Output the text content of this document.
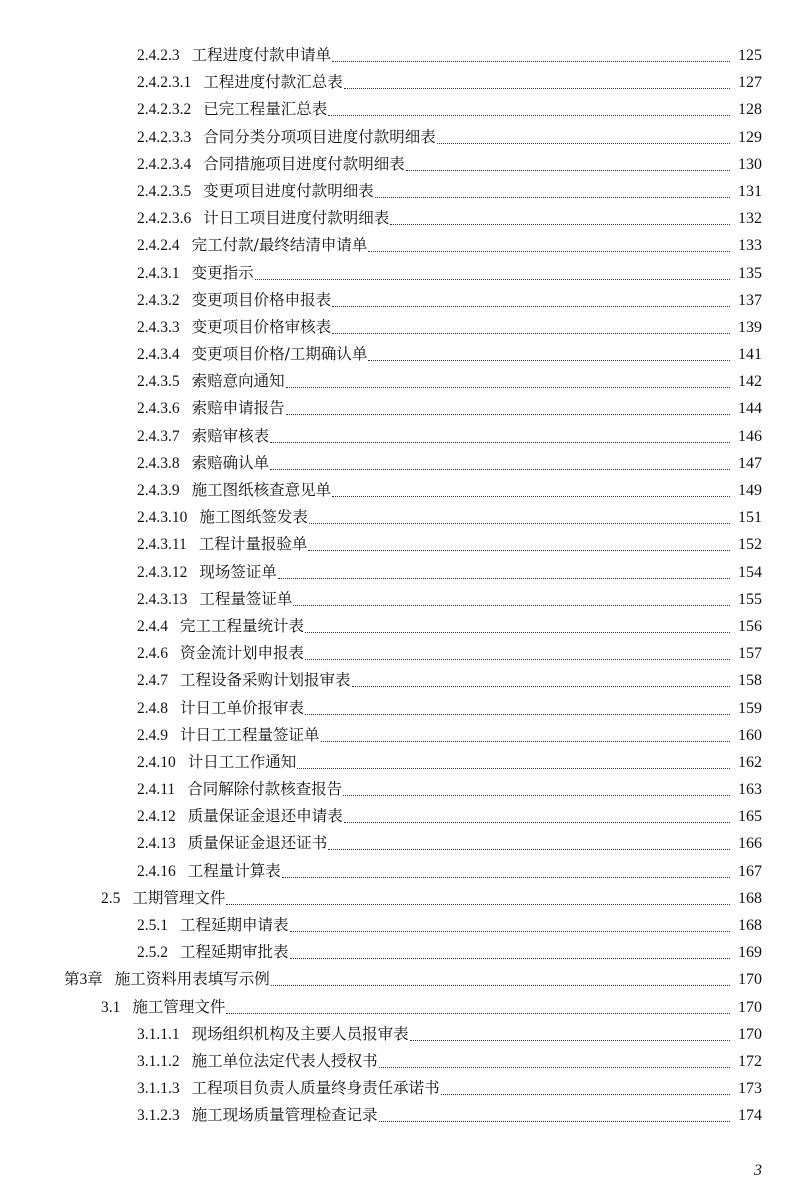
2.4.2.3 工程进度付款申请单	125
2.4.2.3.1 工程进度付款汇总表	127
2.4.2.3.2 已完工程量汇总表	128
2.4.2.3.3 合同分类分项项目进度付款明细表	129
2.4.2.3.4 合同措施项目进度付款明细表	130
2.4.2.3.5 变更项目进度付款明细表	131
2.4.2.3.6 计日工项目进度付款明细表	132
2.4.2.4 完工付款/最终结清申请单	133
2.4.3.1 变更指示	135
2.4.3.2 变更项目价格申报表	137
2.4.3.3 变更项目价格审核表	139
2.4.3.4 变更项目价格/工期确认单	141
2.4.3.5 索赔意向通知	142
2.4.3.6 索赔申请报告	144
2.4.3.7 索赔审核表	146
2.4.3.8 索赔确认单	147
2.4.3.9 施工图纸核查意见单	149
2.4.3.10 施工图纸签发表	151
2.4.3.11 工程计量报验单	152
2.4.3.12 现场签证单	154
2.4.3.13 工程量签证单	155
2.4.4 完工工程量统计表	156
2.4.6 资金流计划申报表	157
2.4.7 工程设备采购计划报审表	158
2.4.8 计日工单价报审表	159
2.4.9 计日工工程量签证单	160
2.4.10 计日工工作通知	162
2.4.11 合同解除付款核查报告	163
2.4.12 质量保证金退还申请表	165
2.4.13 质量保证金退还证书	166
2.4.16 工程量计算表	167
2.5 工期管理文件	168
2.5.1 工程延期申请表	168
2.5.2 工程延期审批表	169
第3章 施工资料用表填写示例	170
3.1 施工管理文件	170
3.1.1.1 现场组织机构及主要人员报审表	170
3.1.1.2 施工单位法定代表人授权书	172
3.1.1.3 工程项目负责人质量终身责任承诺书	173
3.1.2.3 施工现场质量管理检查记录	174
3
